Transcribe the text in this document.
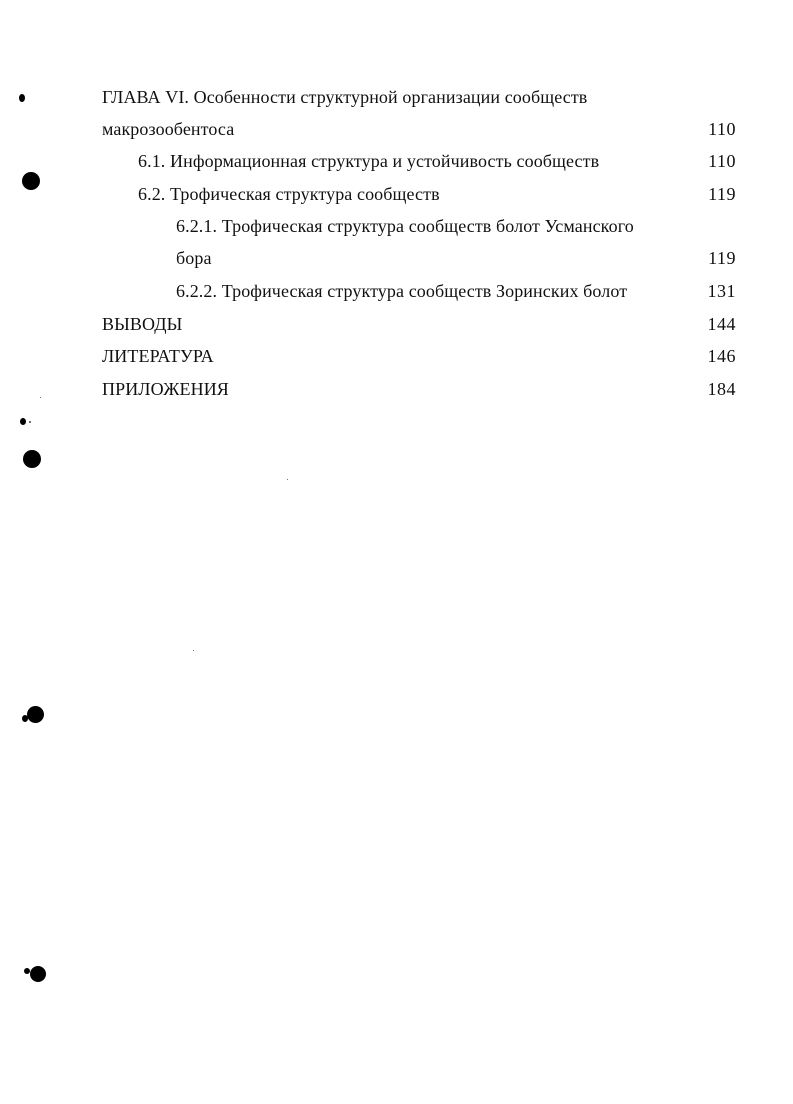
ГЛАВА VI. Особенности структурной организации сообществ
макрозообентоса	110
6.1. Информационная структура и устойчивость сообществ	110
6.2. Трофическая структура сообществ	119
6.2.1. Трофическая структура сообществ болот Усманского
бора	119
6.2.2. Трофическая структура сообществ Зоринских болот	131
ВЫВОДЫ	144
ЛИТЕРАТУРА	146
ПРИЛОЖЕНИЯ	184
